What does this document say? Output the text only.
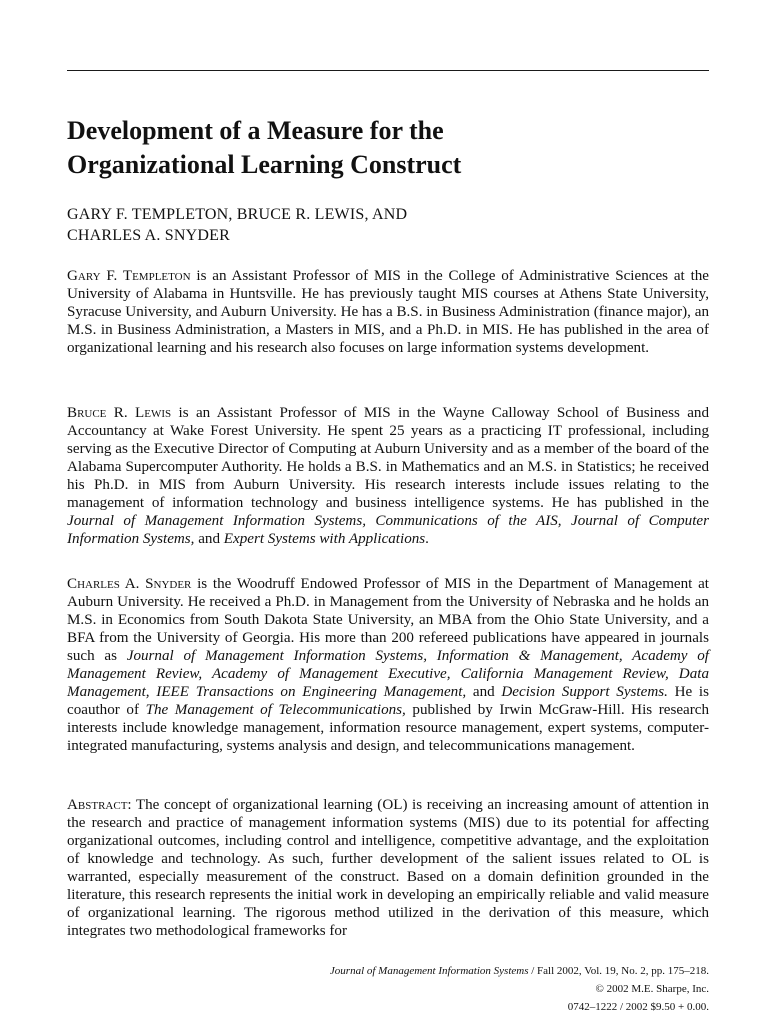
Development of a Measure for the
Organizational Learning Construct
GARY F. TEMPLETON, BRUCE R. LEWIS, AND
CHARLES A. SNYDER
Gary F. Templeton is an Assistant Professor of MIS in the College of Administrative Sciences at the University of Alabama in Huntsville. He has previously taught MIS courses at Athens State University, Syracuse University, and Auburn University. He has a B.S. in Business Administration (finance major), an M.S. in Business Administration, a Masters in MIS, and a Ph.D. in MIS. He has published in the area of organizational learning and his research also focuses on large information systems development.
Bruce R. Lewis is an Assistant Professor of MIS in the Wayne Calloway School of Business and Accountancy at Wake Forest University. He spent 25 years as a practicing IT professional, including serving as the Executive Director of Computing at Auburn University and as a member of the board of the Alabama Supercomputer Authority. He holds a B.S. in Mathematics and an M.S. in Statistics; he received his Ph.D. in MIS from Auburn University. His research interests include issues relating to the management of information technology and business intelligence systems. He has published in the Journal of Management Information Systems, Communications of the AIS, Journal of Computer Information Systems, and Expert Systems with Applications.
Charles A. Snyder is the Woodruff Endowed Professor of MIS in the Department of Management at Auburn University. He received a Ph.D. in Management from the University of Nebraska and he holds an M.S. in Economics from South Dakota State University, an MBA from the Ohio State University, and a BFA from the University of Georgia. His more than 200 refereed publications have appeared in journals such as Journal of Management Information Systems, Information & Management, Academy of Management Review, Academy of Management Executive, California Management Review, Data Management, IEEE Transactions on Engineering Management, and Decision Support Systems. He is coauthor of The Management of Telecommunications, published by Irwin McGraw-Hill. His research interests include knowledge management, information resource management, expert systems, computer-integrated manufacturing, systems analysis and design, and telecommunications management.
Abstract: The concept of organizational learning (OL) is receiving an increasing amount of attention in the research and practice of management information systems (MIS) due to its potential for affecting organizational outcomes, including control and intelligence, competitive advantage, and the exploitation of knowledge and technology. As such, further development of the salient issues related to OL is warranted, especially measurement of the construct. Based on a domain definition grounded in the literature, this research represents the initial work in developing an empirically reliable and valid measure of organizational learning. The rigorous method utilized in the derivation of this measure, which integrates two methodological frameworks for
Journal of Management Information Systems / Fall 2002, Vol. 19, No. 2, pp. 175–218.
© 2002 M.E. Sharpe, Inc.
0742–1222 / 2002 $9.50 + 0.00.
